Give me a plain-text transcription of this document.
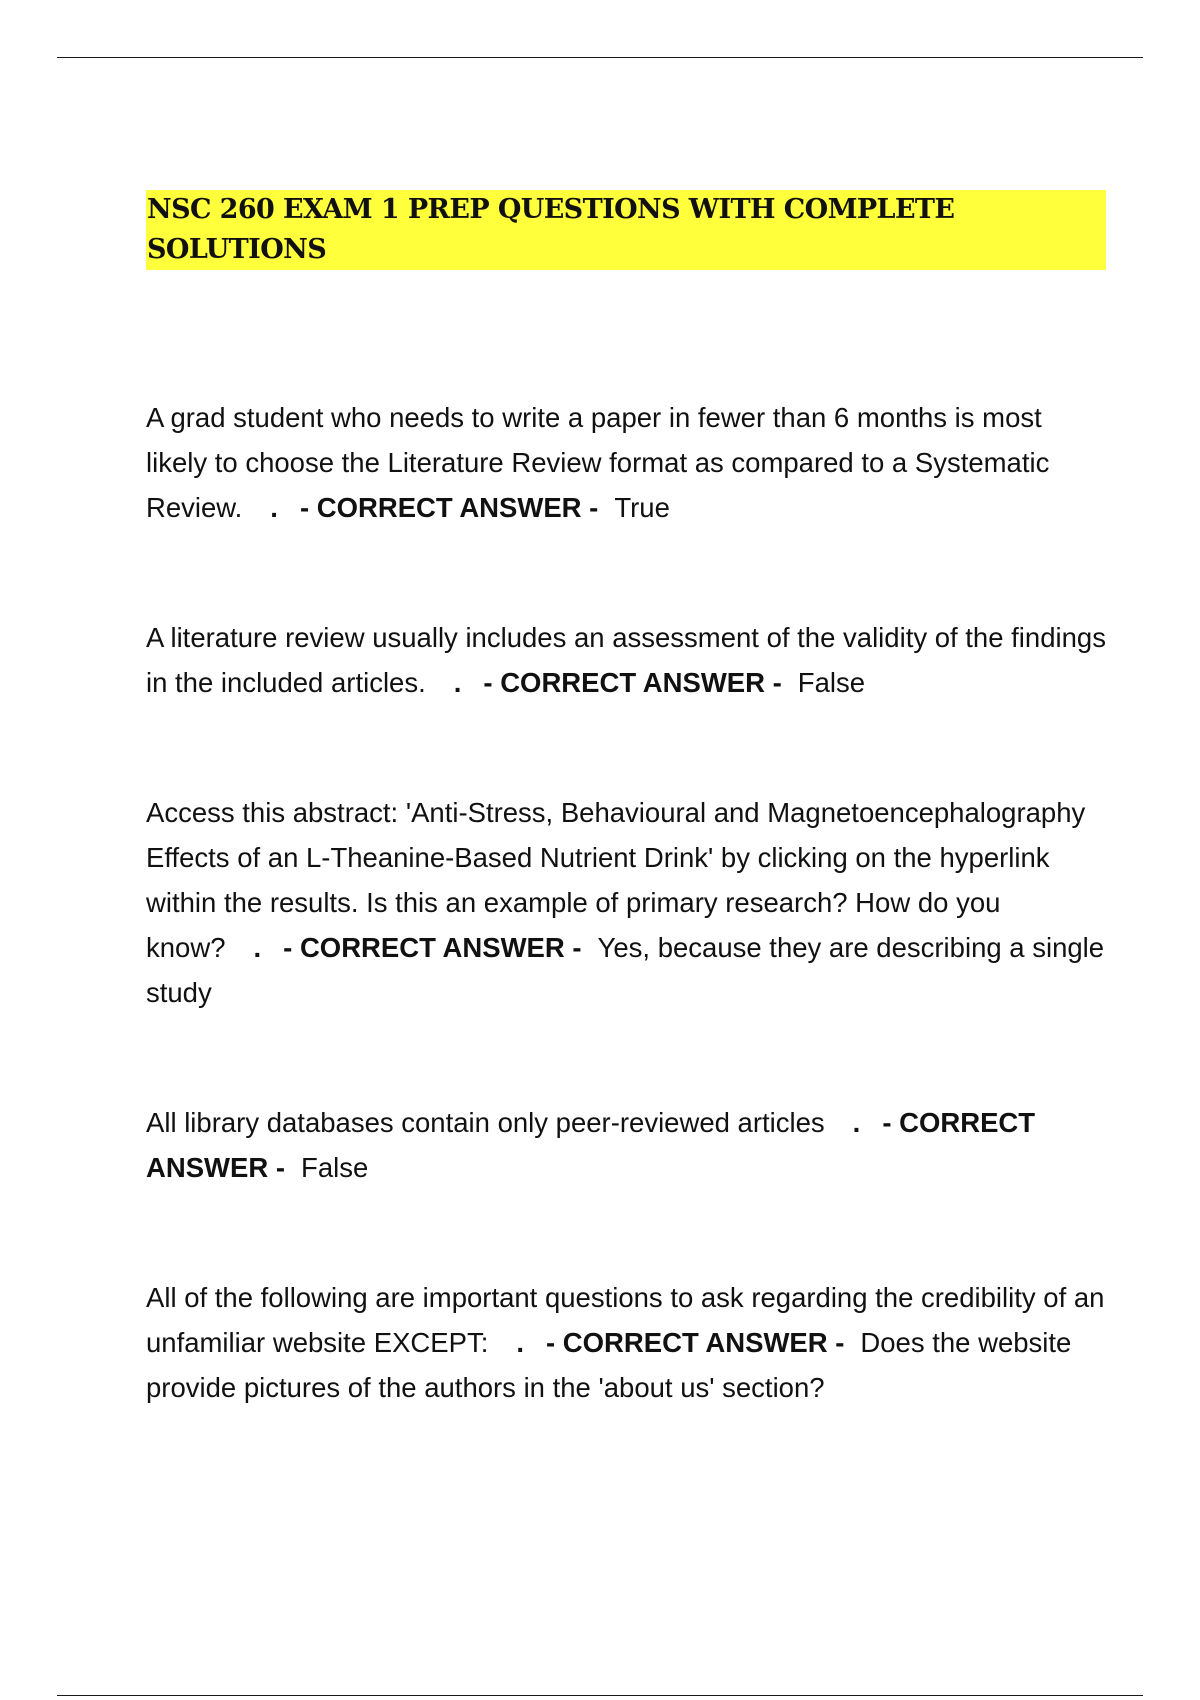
NSC 260 EXAM 1 PREP QUESTIONS WITH COMPLETE SOLUTIONS

A grad student who needs to write a paper in fewer than 6 months is most likely to choose the Literature Review format as compared to a Systematic Review. . - CORRECT ANSWER - True

A literature review usually includes an assessment of the validity of the findings in the included articles. . - CORRECT ANSWER - False

Access this abstract: 'Anti-Stress, Behavioural and Magnetoencephalography Effects of an L-Theanine-Based Nutrient Drink' by clicking on the hyperlink within the results. Is this an example of primary research? How do you know? . - CORRECT ANSWER - Yes, because they are describing a single study

All library databases contain only peer-reviewed articles . - CORRECT ANSWER - False

All of the following are important questions to ask regarding the credibility of an unfamiliar website EXCEPT: . - CORRECT ANSWER - Does the website provide pictures of the authors in the 'about us' section?
